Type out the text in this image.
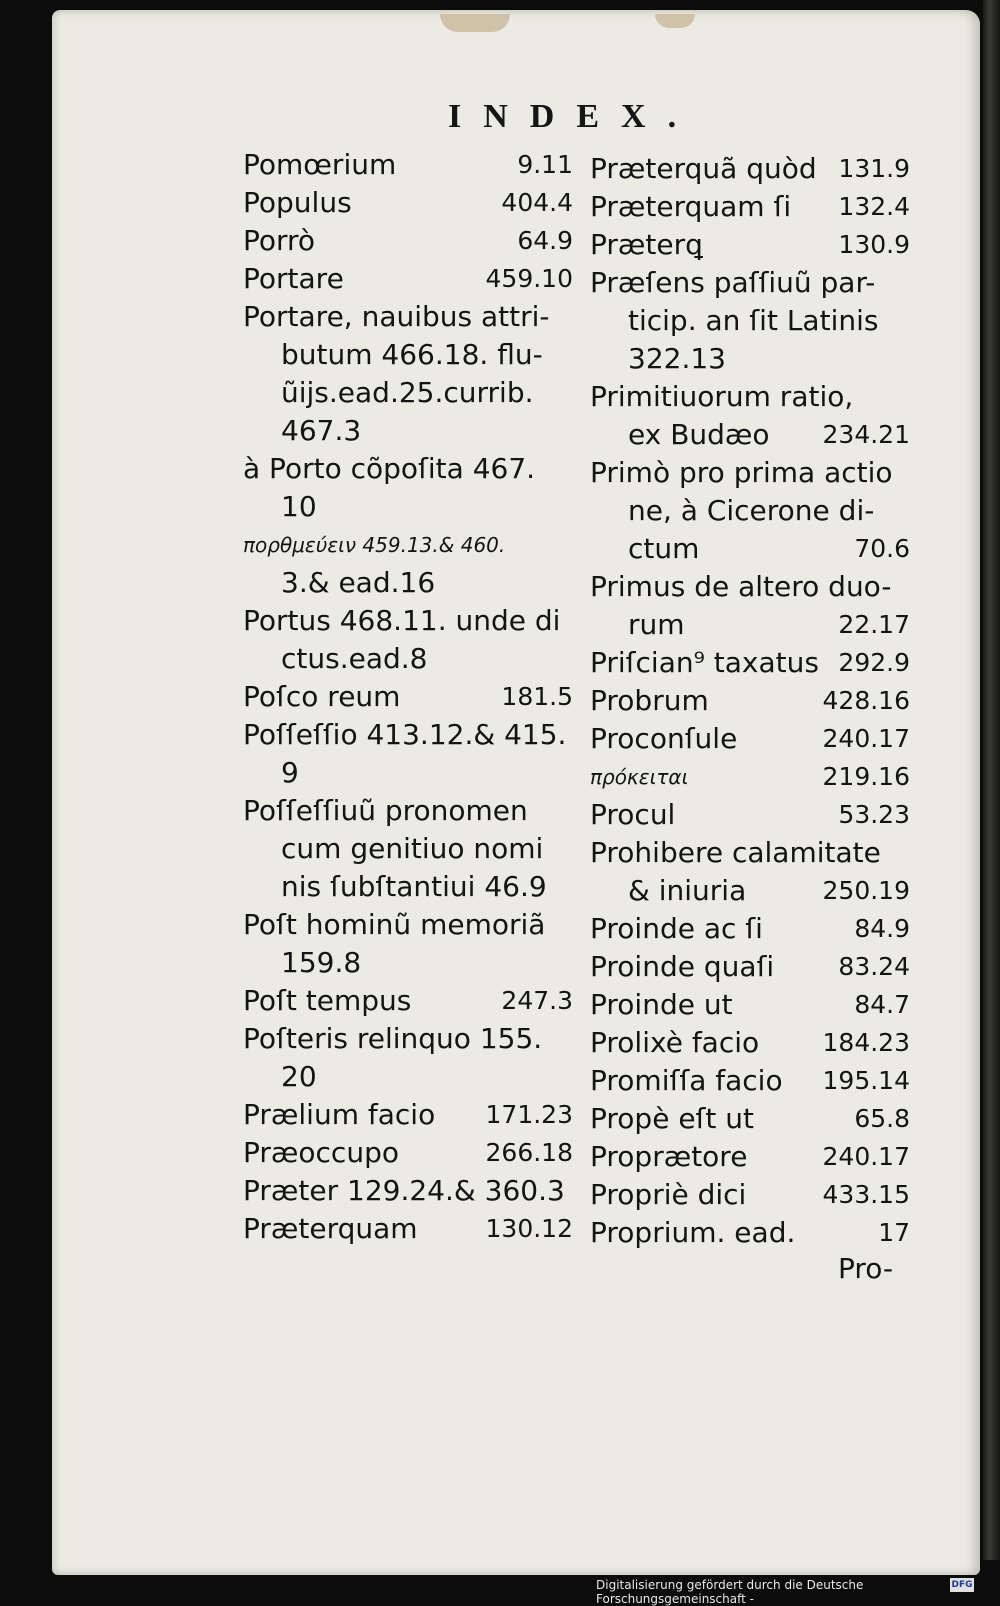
INDEX.
Pomœrium	9.11
Populus	404.4
Porrò	64.9
Portare	459.10
Portare, nauibus attri-
butum 466.18. flu-
ũijs.ead.25.currib.
467.3
à Porto cõpoſita 467.
10
πορθμεύειν 459.13.& 460.
3.& ead.16
Portus 468.11. unde di
ctus.ead.8
Poſco reum	181.5
Poſſeſſio 413.12.& 415.
9
Poſſeſſiuũ pronomen
cum genitiuo nomi
nis ſubſtantiui 46.9
Poſt hominũ memoriã
159.8
Poſt tempus	247.3
Poſteris relinquo 155.
20
Prælium facio 171.23
Præoccupo	266.18
Præter 129.24.& 360.3
Præterquam	130.12
Præterquã quòd 131.9
Præterquam ſi 132.4
Præterꝗ	130.9
Præſens paſſiuũ par-
ticip. an ſit Latinis
322.13
Primitiuorum ratio,
ex Budæo 234.21
Primò pro prima actio
ne, à Cicerone di-
ctum	70.6
Primus de altero duo-
rum	22.17
Priſcian⁹ taxatus 292.9
Probrum	428.16
Proconſule	240.17
πρόκειται	219.16
Procul	53.23
Prohibere calamitate
& iniuria	250.19
Proinde ac ſi	84.9
Proinde quaſi	83.24
Proinde ut	84.7
Prolixè facio	184.23
Promiſſa facio 195.14
Propè eſt ut	65.8
Proprætore	240.17
Propriè dici	433.15
Proprium. ead.	17
Pro-
Digitalisierung gefördert durch die Deutsche Forschungsgemeinschaft -
DFG
